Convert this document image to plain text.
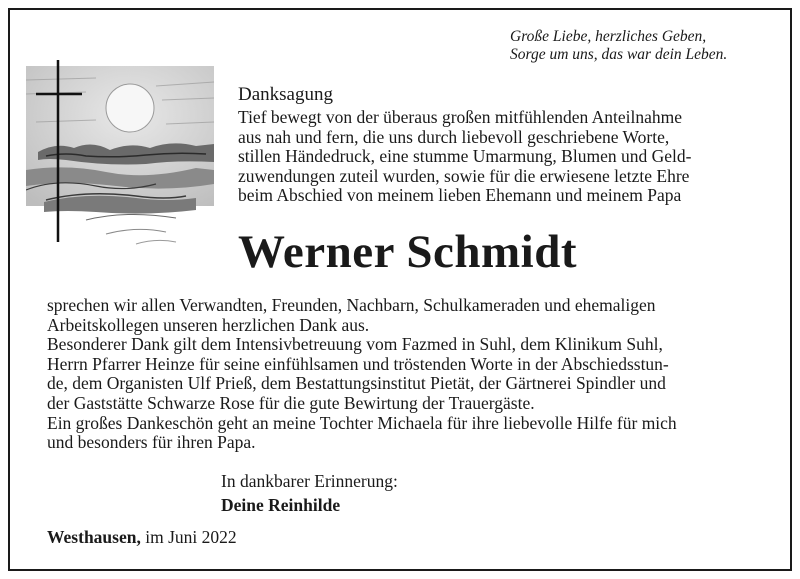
Große Liebe, herzliches Geben,
Sorge um uns, das war dein Leben.
Danksagung
Tief bewegt von der überaus großen mitfühlenden Anteilnahme
aus nah und fern, die uns durch liebevoll geschriebene Worte,
stillen Händedruck, eine stumme Umarmung, Blumen und Geld-
zuwendungen zuteil wurden, sowie für die erwiesene letzte Ehre
beim Abschied von meinem lieben Ehemann und meinem Papa
Werner Schmidt
sprechen wir allen Verwandten, Freunden, Nachbarn, Schulkameraden und ehemaligen
Arbeitskollegen unseren herzlichen Dank aus.
Besonderer Dank gilt dem Intensivbetreuung vom Fazmed in Suhl, dem Klinikum Suhl,
Herrn Pfarrer Heinze für seine einfühlsamen und tröstenden Worte in der Abschiedsstun-
de, dem Organisten Ulf Prieß, dem Bestattungsinstitut Pietät, der Gärtnerei Spindler und
der Gaststätte Schwarze Rose für die gute Bewirtung der Trauergäste.
Ein großes Dankeschön geht an meine Tochter Michaela für ihre liebevolle Hilfe für mich
und besonders für ihren Papa.
In dankbarer Erinnerung:
Deine Reinhilde
Westhausen, im Juni 2022
